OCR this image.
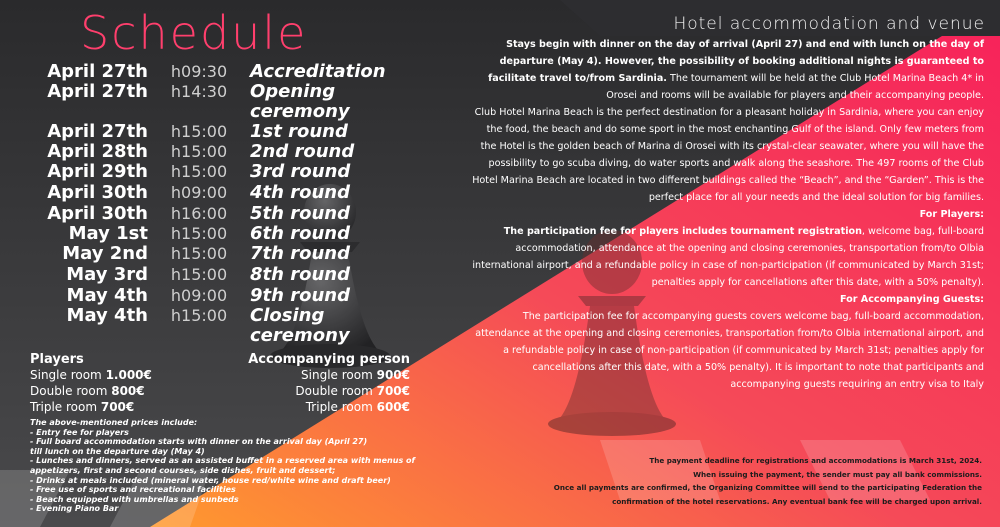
Schedule
April 27th h09:30 Accreditation
April 27th h14:30 Opening ceremony
April 27th h15:00 1st round
April 28th h15:00 2nd round
April 29th h15:00 3rd round
April 30th h09:00 4th round
April 30th h16:00 5th round
May 1st h15:00 6th round
May 2nd h15:00 7th round
May 3rd h15:00 8th round
May 4th h09:00 9th round
May 4th h15:00 Closing ceremony
Players
Single room 1.000€
Double room 800€
Triple room 700€
Accompanying person
Single room 900€
Double room 700€
Triple room 600€
The above-mentioned prices include:
- Entry fee for players
- Full board accommodation starts with dinner on the arrival day (April 27)
till lunch on the departure day (May 4)
- Lunches and dinners, served as an assisted buffet in a reserved area with menus of
appetizers, first and second courses, side dishes, fruit and dessert;
- Drinks at meals included (mineral water, house red/white wine and draft beer)
- Free use of sports and recreational facilities
- Beach equipped with umbrellas and sunbeds
- Evening Piano Bar
Hotel accommodation and venue

Stays begin with dinner on the day of arrival (April 27) and end with lunch on the day of departure (May 4). However, the possibility of booking additional nights is guaranteed to facilitate travel to/from Sardinia. The tournament will be held at the Club Hotel Marina Beach 4* in Orosei and rooms will be available for players and their accompanying people.

Club Hotel Marina Beach is the perfect destination for a pleasant holiday in Sardinia, where you can enjoy the food, the beach and do some sport in the most enchanting Gulf of the island. Only few meters from the Hotel is the golden beach of Marina di Orosei with its crystal-clear seawater, where you will have the possibility to go scuba diving, do water sports and walk along the seashore. The 497 rooms of the Club Hotel Marina Beach are located in two different buildings called the “Beach”, and the “Garden”. This is the perfect place for all your needs and the ideal solution for big families.

For Players:

The participation fee for players includes tournament registration, welcome bag, full-board accommodation, attendance at the opening and closing ceremonies, transportation from/to Olbia international airport, and a refundable policy in case of non-participation (if communicated by March 31st; penalties apply for cancellations after this date, with a 50% penalty).

For Accompanying Guests:

The participation fee for accompanying guests covers welcome bag, full-board accommodation, attendance at the opening and closing ceremonies, transportation from/to Olbia international airport, and a refundable policy in case of non-participation (if communicated by March 31st; penalties apply for cancellations after this date, with a 50% penalty). It is important to note that participants and accompanying guests requiring an entry visa to Italy

The payment deadline for registrations and accommodations is March 31st, 2024.
When issuing the payment, the sender must pay all bank commissions.
Once all payments are confirmed, the Organizing Committee will send to the participating Federation the
confirmation of the hotel reservations. Any eventual bank fee will be charged upon arrival.
